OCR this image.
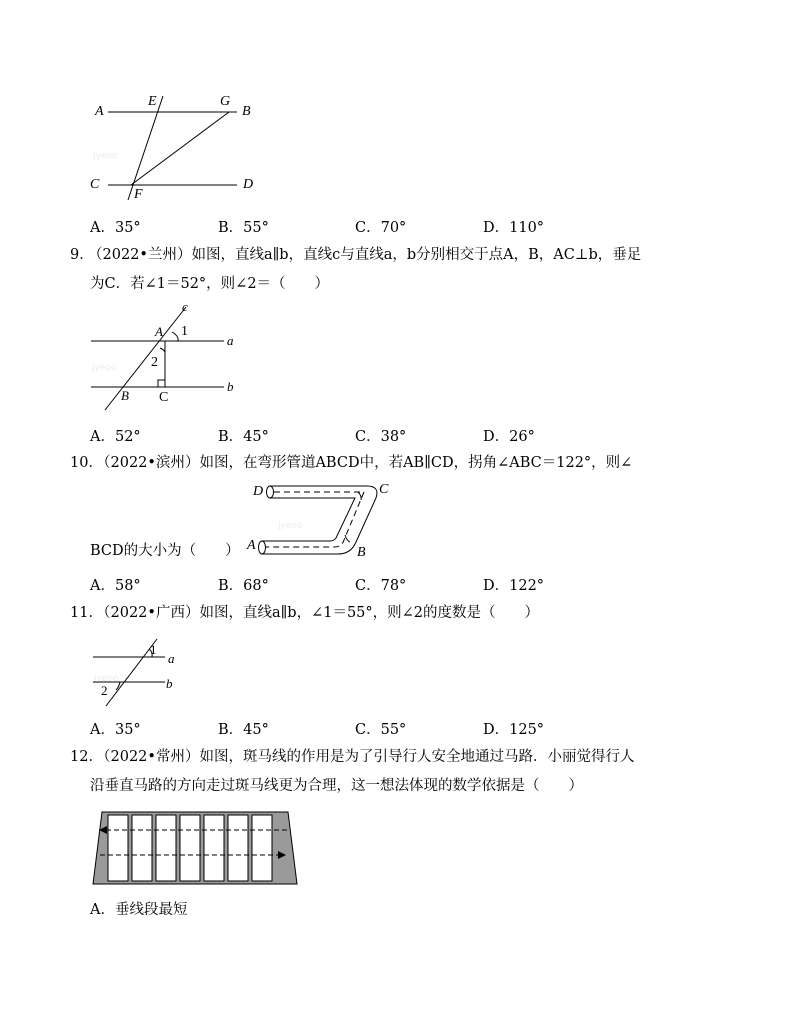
Jyeoo
A
E	G
B
C
F
D
A．35°	B．55°	C．70°	D．110°
9．
（2022•兰州）如图，直线a∥b，直线c与直线a，b分别相交于点A，B，AC⊥b，垂足
为C．若∠1＝52°，则∠2＝（　　）
Jyeoo
c
A 1
a
2
b
B C
A．52°	B．45°	C．38°	D．26°
10．
（2022•滨州）如图，在弯形管道ABCD中，若AB∥CD，拐角∠ABC＝122°，则∠
Jyeoo
D	C
A	B
BCD的大小为（　　）
A．58°	B．68°	C．78°	D．122°
11．
（2022•广西）如图，直线a∥b，∠1＝55°，则∠2的度数是（　　）
Jyeoo
1
a
2	b
A．35°	B．45°	C．55°	D．125°
12．
（2022•常州）如图，斑马线的作用是为了引导行人安全地通过马路．小丽觉得行人
沿垂直马路的方向走过斑马线更为合理，这一想法体现的数学依据是（　　）
A．垂线段最短
